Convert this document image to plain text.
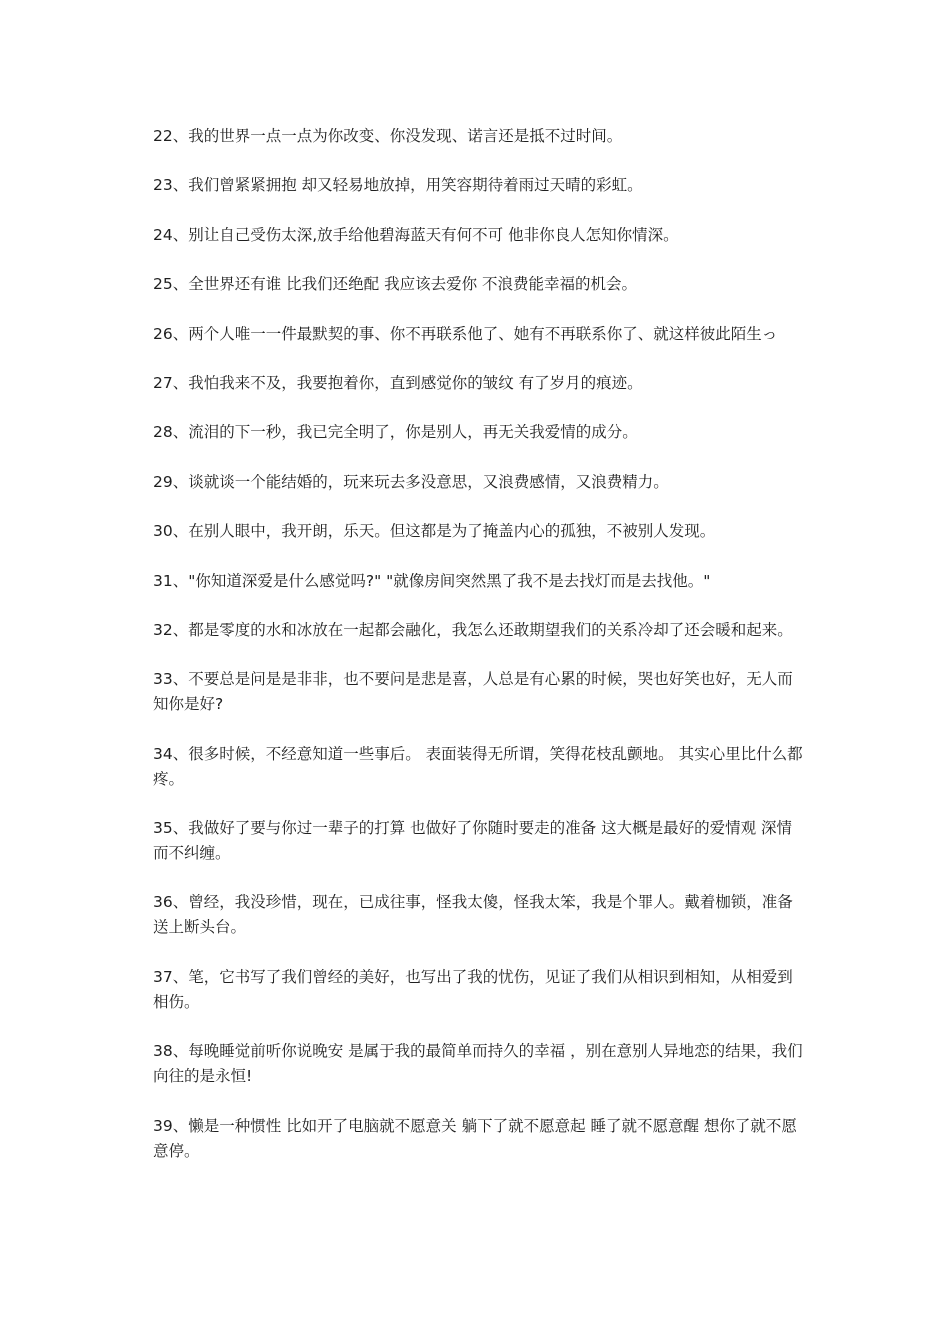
22、我的世界一点一点为你改变、你没发现、诺言还是抵不过时间。
23、我们曾紧紧拥抱 却又轻易地放掉，用笑容期待着雨过天晴的彩虹。
24、别让自己受伤太深,放手给他碧海蓝天有何不可 他非你良人怎知你情深。
25、全世界还有谁 比我们还绝配 我应该去爱你 不浪费能幸福的机会。
26、两个人唯一一件最默契的事、你不再联系他了、她有不再联系你了、就这样彼此陌生っ
27、我怕我来不及，我要抱着你，直到感觉你的皱纹 有了岁月的痕迹。
28、流泪的下一秒，我已完全明了，你是别人，再无关我爱情的成分。
29、谈就谈一个能结婚的，玩来玩去多没意思，又浪费感情，又浪费精力。
30、在别人眼中，我开朗，乐天。但这都是为了掩盖内心的孤独，不被别人发现。
31、"你知道深爱是什么感觉吗?" "就像房间突然黑了我不是去找灯而是去找他。"
32、都是零度的水和冰放在一起都会融化，我怎么还敢期望我们的关系冷却了还会暖和起来。
33、不要总是问是是非非，也不要问是悲是喜，人总是有心累的时候，哭也好笑也好，无人而知你是好?
34、很多时候，不经意知道一些事后。 表面装得无所谓，笑得花枝乱颤地。 其实心里比什么都疼。
35、我做好了要与你过一辈子的打算 也做好了你随时要走的准备 这大概是最好的爱情观 深情而不纠缠。
36、曾经，我没珍惜，现在，已成往事，怪我太傻，怪我太笨，我是个罪人。戴着枷锁，准备送上断头台。
37、笔，它书写了我们曾经的美好，也写出了我的忧伤，见证了我们从相识到相知，从相爱到相伤。
38、每晚睡觉前听你说晚安 是属于我的最简单而持久的幸福 ，别在意别人异地恋的结果，我们向往的是永恒!
39、懒是一种惯性 比如开了电脑就不愿意关 躺下了就不愿意起 睡了就不愿意醒 想你了就不愿意停。
